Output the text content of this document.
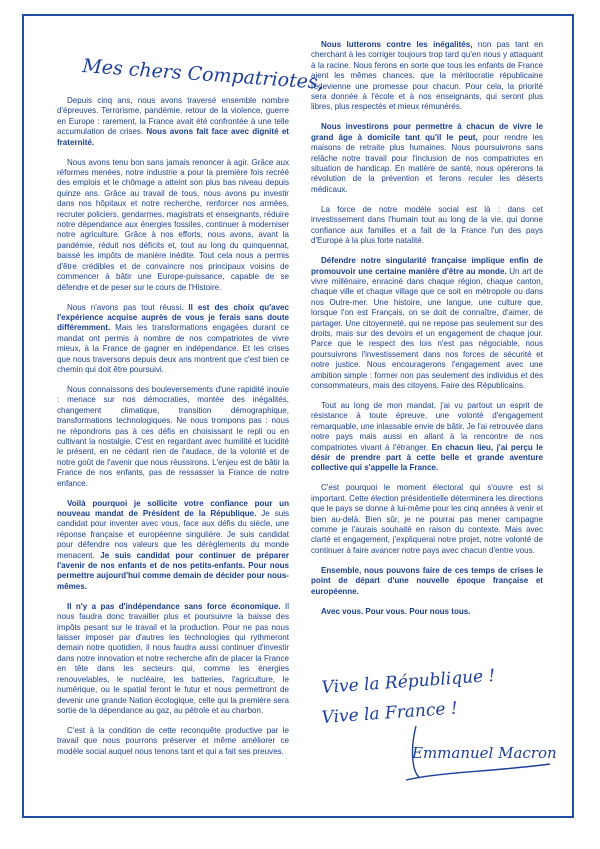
Mes chers Compatriotes,

Depuis cinq ans, nous avons traversé ensemble nombre d'épreuves. Terrorisme, pandémie, retour de la violence, guerre en Europe : rarement, la France avait été confrontée à une telle accumulation de crises. Nous avons fait face avec dignité et fraternité.

Nous avons tenu bon sans jamais renoncer à agir. Grâce aux réformes menées, notre industrie a pour la première fois recréé des emplois et le chômage a atteint son plus bas niveau depuis quinze ans. Grâce au travail de tous, nous avons pu investir dans nos hôpitaux et notre recherche, renforcer nos armées, recruter policiers, gendarmes, magistrats et enseignants, réduire notre dépendance aux énergies fossiles, continuer à moderniser notre agriculture. Grâce à nos efforts, nous avons, avant la pandémie, réduit nos déficits et, tout au long du quinquennat, baissé les impôts de manière inédite. Tout cela nous a permis d'être crédibles et de convaincre nos principaux voisins de commencer à bâtir une Europe-puissance, capable de se défendre et de peser sur le cours de l'Histoire.

Nous n'avons pas tout réussi. Il est des choix qu'avec l'expérience acquise auprès de vous je ferais sans doute différemment. Mais les transformations engagées durant ce mandat ont permis à nombre de nos compatriotes de vivre mieux, à la France de gagner en indépendance. Et les crises que nous traversons depuis deux ans montrent que c'est bien ce chemin qui doit être poursuivi.

Nous connaissons des bouleversements d'une rapidité inouïe : menace sur nos démocraties, montée des inégalités, changement climatique, transition démographique, transformations technologiques. Ne nous trompons pas : nous ne répondrons pas à ces défis en choisissant le repli ou en cultivant la nostalgie. C'est en regardant avec humilité et lucidité le présent, en ne cédant rien de l'audace, de la volonté et de notre goût de l'avenir que nous réussirons. L'enjeu est de bâtir la France de nos enfants, pas de ressasser la France de notre enfance.

Voilà pourquoi je sollicite votre confiance pour un nouveau mandat de Président de la République. Je suis candidat pour inventer avec vous, face aux défis du siècle, une réponse française et européenne singulière. Je suis candidat pour défendre nos valeurs que les dérèglements du monde menacent. Je suis candidat pour continuer de préparer l'avenir de nos enfants et de nos petits-enfants. Pour nous permettre aujourd'hui comme demain de décider pour nous-mêmes.

Il n'y a pas d'indépendance sans force économique. Il nous faudra donc travailler plus et poursuivre la baisse des impôts pesant sur le travail et la production. Pour ne pas nous laisser imposer par d'autres les technologies qui rythmeront demain notre quotidien, il nous faudra aussi continuer d'investir dans notre innovation et notre recherche afin de placer la France en tête dans les secteurs qui, comme les énergies renouvelables, le nucléaire, les batteries, l'agriculture, le numérique, ou le spatial feront le futur et nous permettront de devenir une grande Nation écologique, celle qui la première sera sortie de la dépendance au gaz, au pétrole et au charbon.

C'est à la condition de cette reconquête productive par le travail que nous pourrons préserver et même améliorer ce modèle social auquel nous tenons tant et qui a fait ses preuves.

Nous lutterons contre les inégalités, non pas tant en cherchant à les corriger toujours trop tard qu'en nous y attaquant à la racine. Nous ferons en sorte que tous les enfants de France aient les mêmes chances, que la méritocratie républicaine redevienne une promesse pour chacun. Pour cela, la priorité sera donnée à l'école et à nos enseignants, qui seront plus libres, plus respectés et mieux rémunérés.

Nous investirons pour permettre à chacun de vivre le grand âge à domicile tant qu'il le peut, pour rendre les maisons de retraite plus humaines. Nous poursuivrons sans relâche notre travail pour l'inclusion de nos compatriotes en situation de handicap. En matière de santé, nous opérerons la révolution de la prévention et ferons reculer les déserts médicaux.

La force de notre modèle social est là : dans cet investissement dans l'humain tout au long de la vie, qui donne confiance aux familles et a fait de la France l'un des pays d'Europe à la plus forte natalité.

Défendre notre singularité française implique enfin de promouvoir une certaine manière d'être au monde. Un art de vivre millénaire, enraciné dans chaque région, chaque canton, chaque ville et chaque village que ce soit en métropole ou dans nos Outre-mer. Une histoire, une langue, une culture que, lorsque l'on est Français, on se doit de connaître, d'aimer, de partager. Une citoyenneté, qui ne repose pas seulement sur des droits, mais sur des devoirs et un engagement de chaque jour. Parce que le respect des lois n'est pas négociable, nous poursuivrons l'investissement dans nos forces de sécurité et notre justice. Nous encouragerons l'engagement avec une ambition simple : former non pas seulement des individus et des consommateurs, mais des citoyens. Faire des Républicains.

Tout au long de mon mandat, j'ai vu partout un esprit de résistance à toute épreuve, une volonté d'engagement remarquable, une inlassable envie de bâtir. Je l'ai retrouvée dans notre pays mais aussi en allant à la rencontre de nos compatriotes vivant à l'étranger. En chacun lieu, j'ai perçu le désir de prendre part à cette belle et grande aventure collective qui s'appelle la France.

C'est pourquoi le moment électoral qui s'ouvre est si important. Cette élection présidentielle déterminera les directions que le pays se donne à lui-même pour les cinq années à venir et bien au-delà. Bien sûr, je ne pourrai pas mener campagne comme je l'aurais souhaité en raison du contexte. Mais avec clarté et engagement, j'expliquerai notre projet, notre volonté de continuer à faire avancer notre pays avec chacun d'entre vous.

Ensemble, nous pouvons faire de ces temps de crises le point de départ d'une nouvelle époque française et européenne.

Avec vous. Pour vous. Pour nous tous.

Vive la République !
Vive la France !
Emmanuel Macron
